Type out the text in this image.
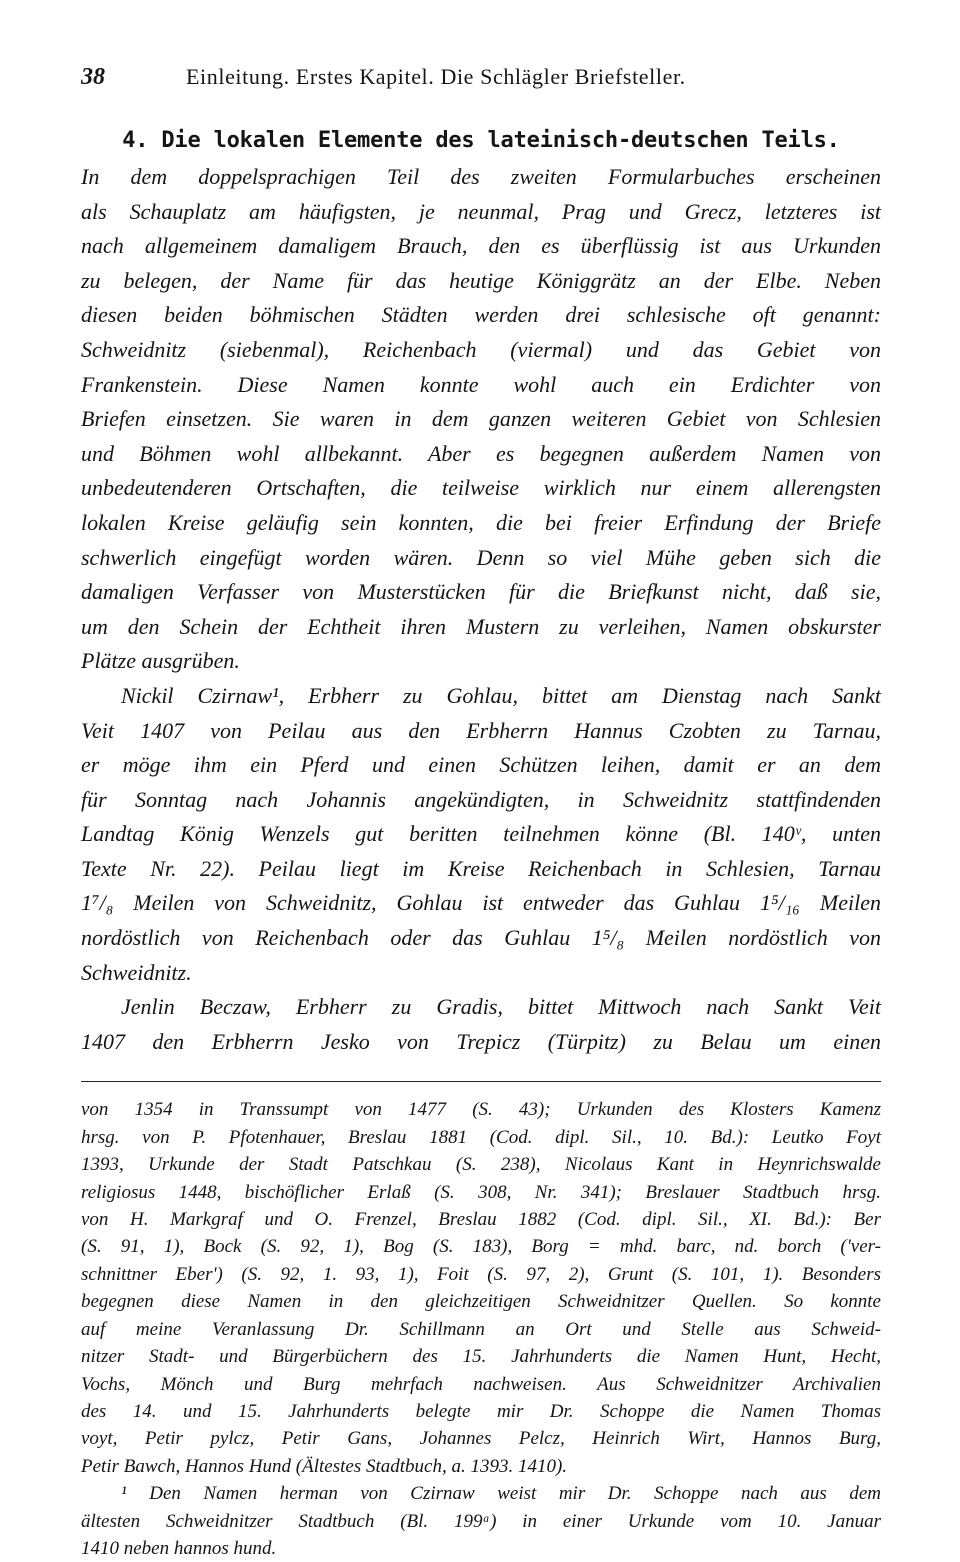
38	Einleitung. Erstes Kapitel. Die Schlägler Briefsteller.
4. Die lokalen Elemente des lateinisch-deutschen Teils.
In dem doppelsprachigen Teil des zweiten Formularbuches erscheinen
als Schauplatz am häufigsten, je neunmal, Prag und Grecz, letzteres ist
nach allgemeinem damaligem Brauch, den es überflüssig ist aus Urkunden
zu belegen, der Name für das heutige Königgrätz an der Elbe. Neben
diesen beiden böhmischen Städten werden drei schlesische oft genannt:
Schweidnitz (siebenmal), Reichenbach (viermal) und das Gebiet von
Frankenstein. Diese Namen konnte wohl auch ein Erdichter von
Briefen einsetzen. Sie waren in dem ganzen weiteren Gebiet von Schlesien
und Böhmen wohl allbekannt. Aber es begegnen außerdem Namen von
unbedeutenderen Ortschaften, die teilweise wirklich nur einem allerengsten
lokalen Kreise geläufig sein konnten, die bei freier Erfindung der Briefe
schwerlich eingefügt worden wären. Denn so viel Mühe geben sich die
damaligen Verfasser von Musterstücken für die Briefkunst nicht, daß sie,
um den Schein der Echtheit ihren Mustern zu verleihen, Namen obskurster
Plätze ausgrüben.
Nickil Czirnaw¹, Erbherr zu Gohlau, bittet am Dienstag nach Sankt
Veit 1407 von Peilau aus den Erbherrn Hannus Czobten zu Tarnau,
er möge ihm ein Pferd und einen Schützen leihen, damit er an dem
für Sonntag nach Johannis angekündigten, in Schweidnitz stattfindenden
Landtag König Wenzels gut beritten teilnehmen könne (Bl. 140ᵛ, unten
Texte Nr. 22). Peilau liegt im Kreise Reichenbach in Schlesien, Tarnau
1⁷/₈ Meilen von Schweidnitz, Gohlau ist entweder das Guhlau 1⁵/₁₆ Meilen
nordöstlich von Reichenbach oder das Guhlau 1⁵/₈ Meilen nordöstlich von
Schweidnitz.
Jenlin Beczaw, Erbherr zu Gradis, bittet Mittwoch nach Sankt Veit
1407 den Erbherrn Jesko von Trepicz (Türpitz) zu Belau um einen
von 1354 in Transsumpt von 1477 (S. 43); Urkunden des Klosters Kamenz
hrsg. von P. Pfotenhauer, Breslau 1881 (Cod. dipl. Sil., 10. Bd.): Leutko Foyt
1393, Urkunde der Stadt Patschkau (S. 238), Nicolaus Kant in Heynrichswalde
religiosus 1448, bischöflicher Erlaß (S. 308, Nr. 341); Breslauer Stadtbuch hrsg.
von H. Markgraf und O. Frenzel, Breslau 1882 (Cod. dipl. Sil., XI. Bd.): Ber
(S. 91, 1), Bock (S. 92, 1), Bog (S. 183), Borg = mhd. barc, nd. borch ('ver-
schnittner Eber') (S. 92, 1. 93, 1), Foit (S. 97, 2), Grunt (S. 101, 1). Besonders
begegnen diese Namen in den gleichzeitigen Schweidnitzer Quellen. So konnte
auf meine Veranlassung Dr. Schillmann an Ort und Stelle aus Schweid-
nitzer Stadt- und Bürgerbüchern des 15. Jahrhunderts die Namen Hunt, Hecht,
Vochs, Mönch und Burg mehrfach nachweisen. Aus Schweidnitzer Archivalien
des 14. und 15. Jahrhunderts belegte mir Dr. Schoppe die Namen Thomas
voyt, Petir pylcz, Petir Gans, Johannes Pelcz, Heinrich Wirt, Hannos Burg,
Petir Bawch, Hannos Hund (Ältestes Stadtbuch, a. 1393. 1410).
¹ Den Namen herman von Czirnaw weist mir Dr. Schoppe nach aus dem
ältesten Schweidnitzer Stadtbuch (Bl. 199ᵃ) in einer Urkunde vom 10. Januar
1410 neben hannos hund.
